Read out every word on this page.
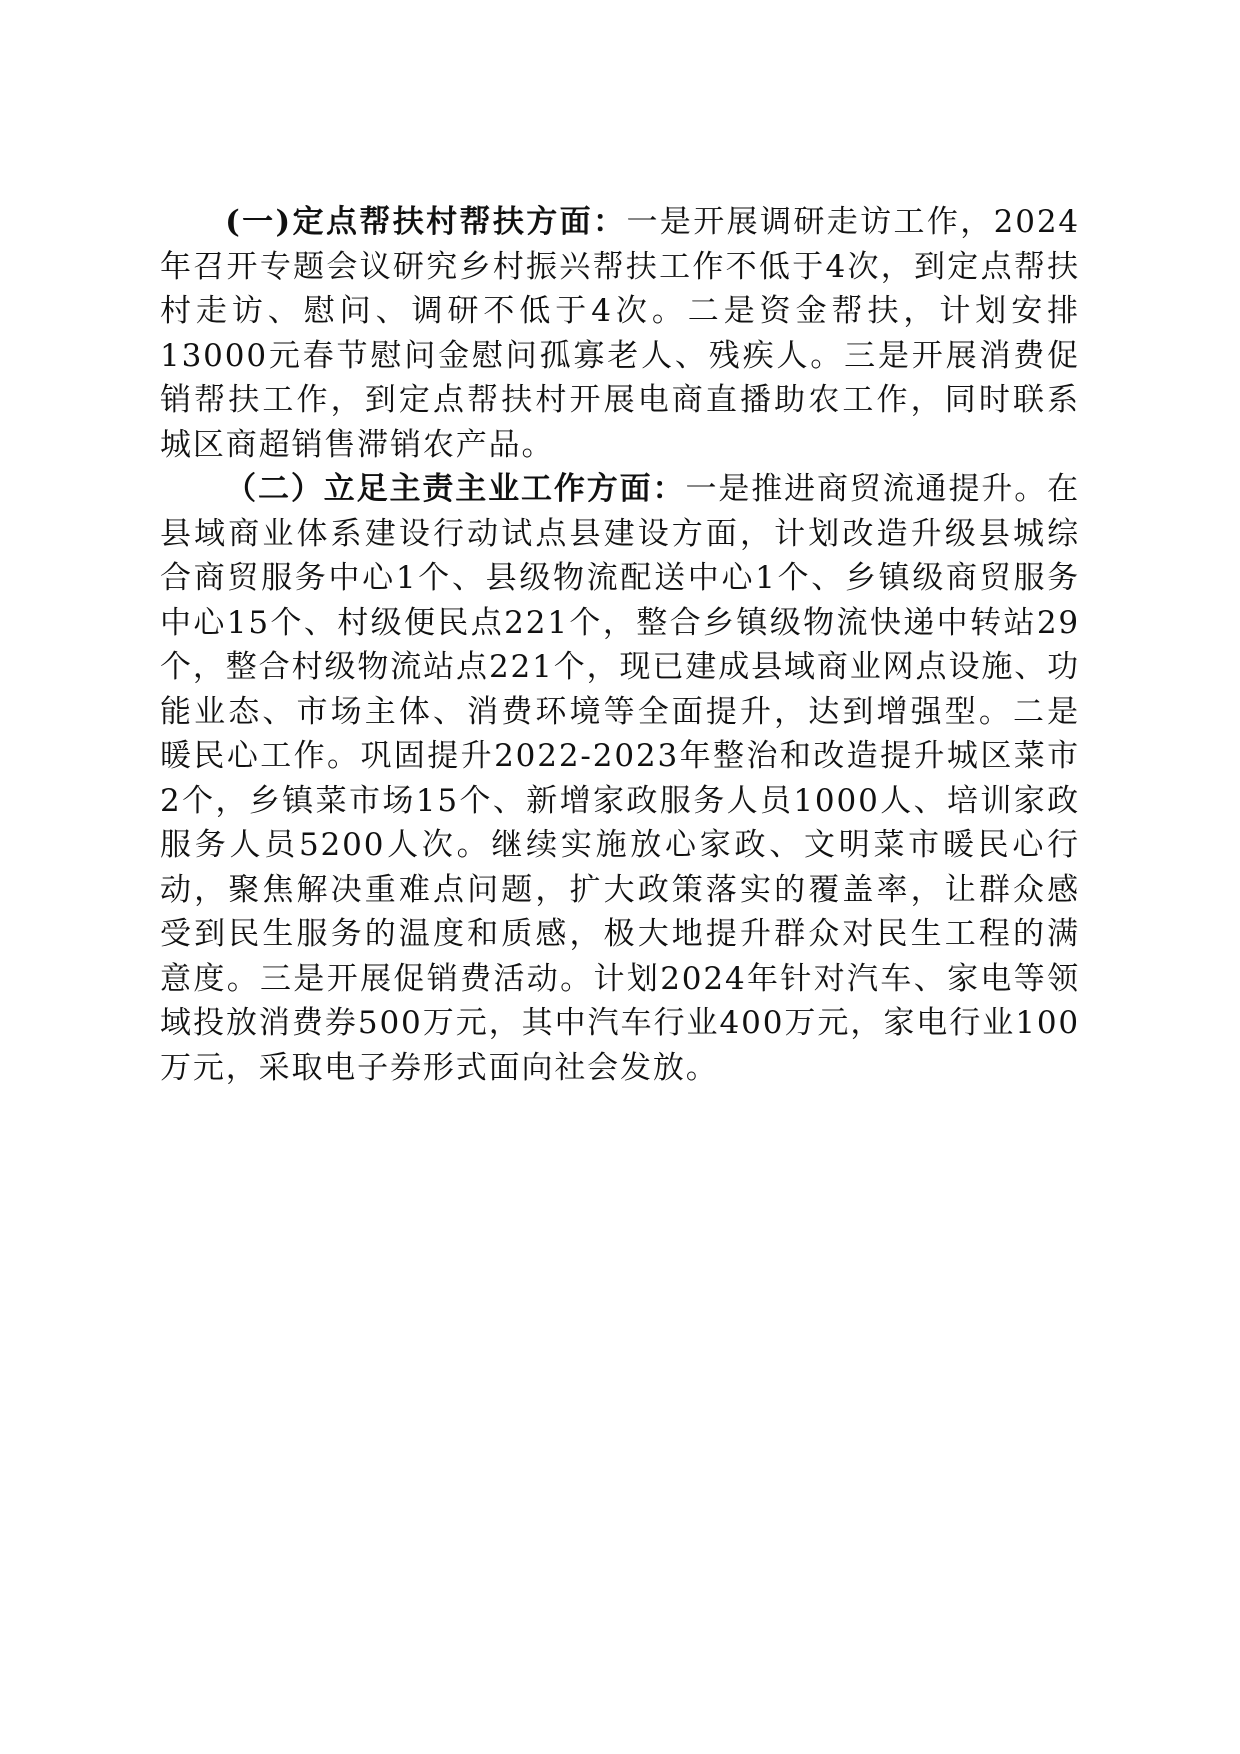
(一)定点帮扶村帮扶方面：一是开展调研走访工作，2024年召开专题会议研究乡村振兴帮扶工作不低于4次，到定点帮扶村走访、慰问、调研不低于4次。二是资金帮扶，计划安排13000元春节慰问金慰问孤寡老人、残疾人。三是开展消费促销帮扶工作，到定点帮扶村开展电商直播助农工作，同时联系城区商超销售滞销农产品。

（二）立足主责主业工作方面：一是推进商贸流通提升。在县域商业体系建设行动试点县建设方面，计划改造升级县城综合商贸服务中心1个、县级物流配送中心1个、乡镇级商贸服务中心15个、村级便民点221个，整合乡镇级物流快递中转站29个，整合村级物流站点221个，现已建成县域商业网点设施、功能业态、市场主体、消费环境等全面提升，达到增强型。二是暖民心工作。巩固提升2022-2023年整治和改造提升城区菜市2个，乡镇菜市场15个、新增家政服务人员1000人、培训家政服务人员5200人次。继续实施放心家政、文明菜市暖民心行动，聚焦解决重难点问题，扩大政策落实的覆盖率，让群众感受到民生服务的温度和质感，极大地提升群众对民生工程的满意度。三是开展促销费活动。计划2024年针对汽车、家电等领域投放消费券500万元，其中汽车行业400万元，家电行业100万元，采取电子券形式面向社会发放。
